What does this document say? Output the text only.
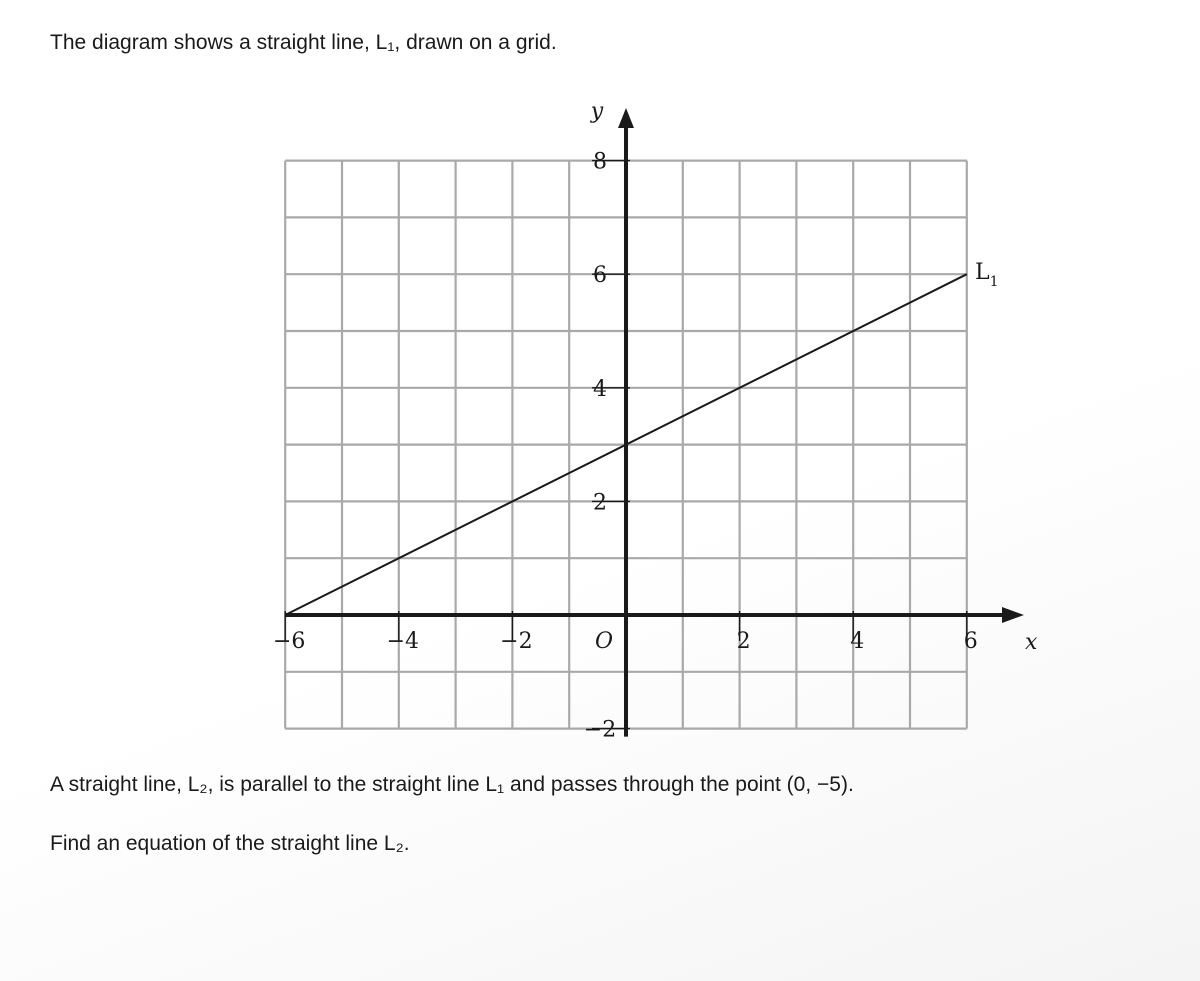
The diagram shows a straight line, L₁, drawn on a grid.

−6	−4	−2	2	4	6
−2
2
4
6
8
x
y
O
$L_1$

A straight line, L₂, is parallel to the straight line L₁ and passes through the point (0, −5).

Find an equation of the straight line L₂.
